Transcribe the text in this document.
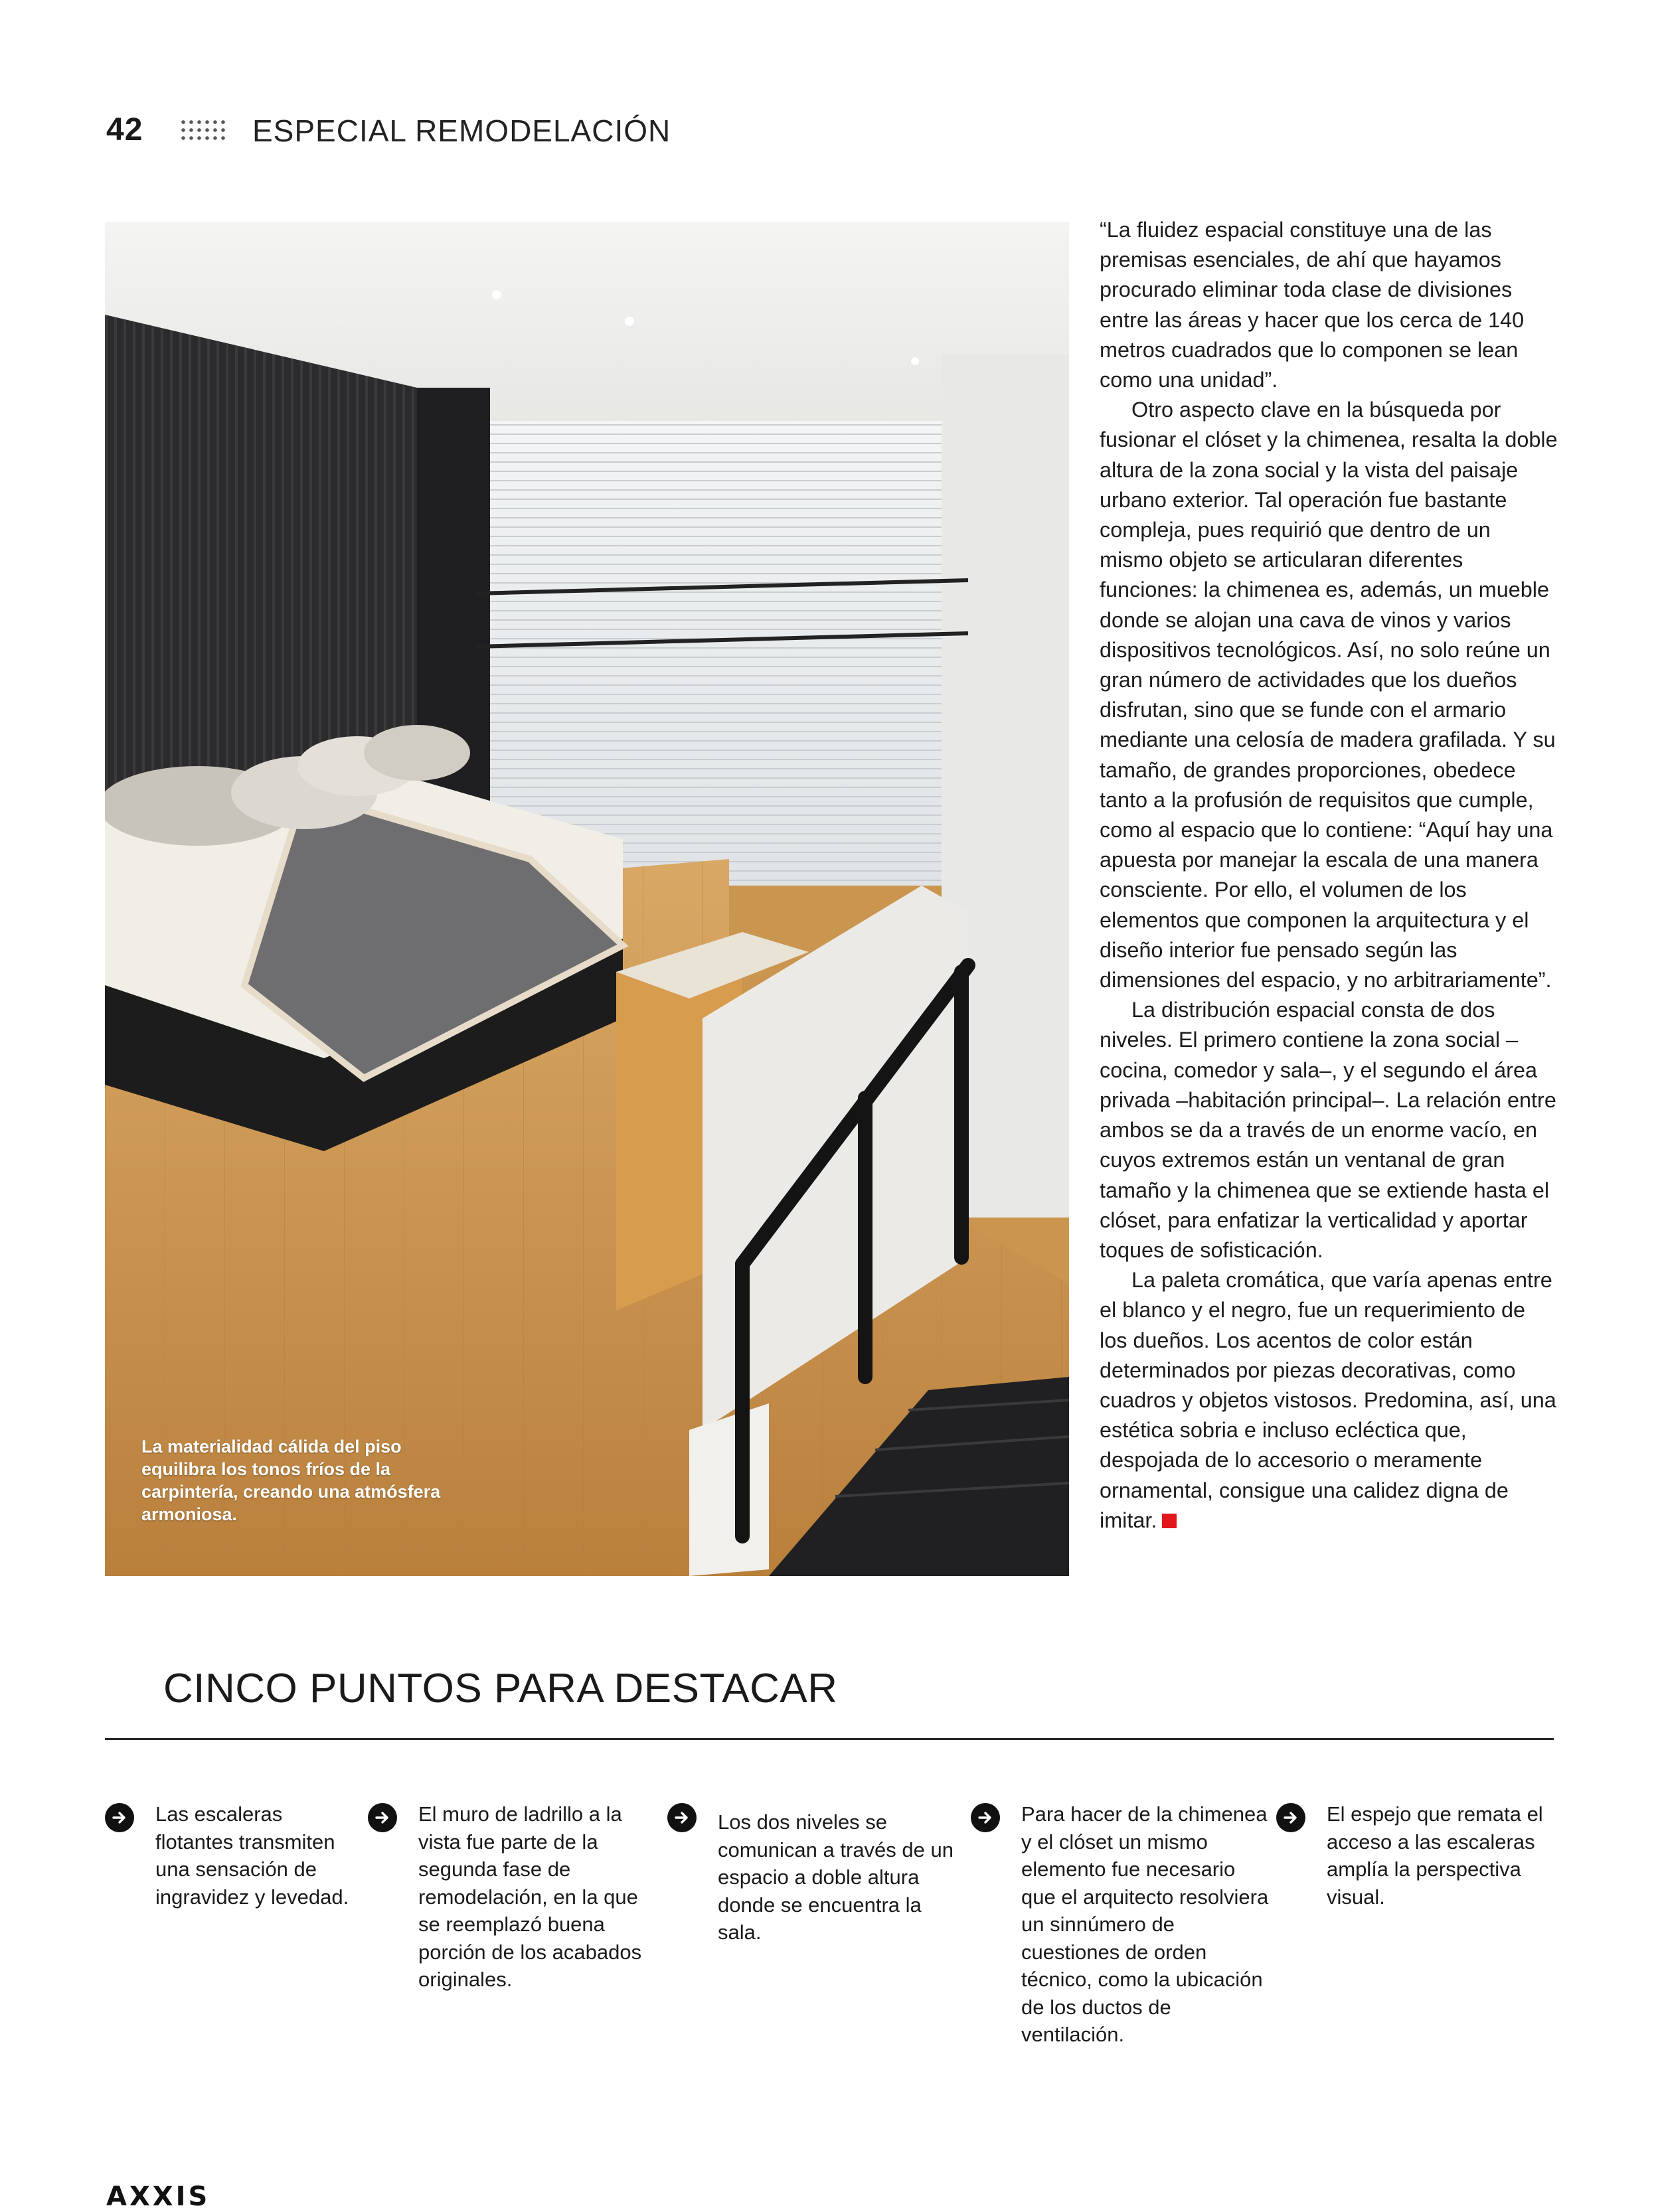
42	ESPECIAL REMODELACIÓN
La materialidad cálida del piso equilibra los tonos fríos de la carpintería, creando una atmósfera armoniosa.

“La fluidez espacial constituye una de las premisas esenciales, de ahí que hayamos procurado eliminar toda clase de divisiones entre las áreas y hacer que los cerca de 140 metros cuadrados que lo componen se lean como una unidad”.

Otro aspecto clave en la búsqueda por fusionar el clóset y la chimenea, resalta la doble altura de la zona social y la vista del paisaje urbano exterior. Tal operación fue bastante compleja, pues requirió que dentro de un mismo objeto se articularan diferentes funciones: la chimenea es, además, un mueble donde se alojan una cava de vinos y varios dispositivos tecnológicos. Así, no solo reúne un gran número de actividades que los dueños disfrutan, sino que se funde con el armario mediante una celosía de madera grafilada. Y su tamaño, de grandes proporciones, obedece tanto a la profusión de requisitos que cumple, como al espacio que lo contiene: “Aquí hay una apuesta por manejar la escala de una manera consciente. Por ello, el volumen de los elementos que componen la arquitectura y el diseño interior fue pensado según las dimensiones del espacio, y no arbitrariamente”.

La distribución espacial consta de dos niveles. El primero contiene la zona social –cocina, comedor y sala–, y el segundo el área privada –habitación principal–. La relación entre ambos se da a través de un enorme vacío, en cuyos extremos están un ventanal de gran tamaño y la chimenea que se extiende hasta el clóset, para enfatizar la verticalidad y aportar toques de sofisticación.

La paleta cromática, que varía apenas entre el blanco y el negro, fue un requerimiento de los dueños. Los acentos de color están determinados por piezas decorativas, como cuadros y objetos vistosos. Predomina, así, una estética sobria e incluso ecléctica que, despojada de lo accesorio o meramente ornamental, consigue una calidez digna de imitar.

CINCO PUNTOS PARA DESTACAR
Las escaleras flotantes transmiten una sensación de ingravidez y levedad.
El muro de ladrillo a la vista fue parte de la segunda fase de remodelación, en la que se reemplazó buena porción de los acabados originales.
Los dos niveles se comunican a través de un espacio a doble altura donde se encuentra la sala.
Para hacer de la chimenea y el clóset un mismo elemento fue necesario que el arquitecto resolviera un sinnúmero de cuestiones de orden técnico, como la ubicación de los ductos de ventilación.
El espejo que remata el acceso a las escaleras amplía la perspectiva visual.
AXXIS
